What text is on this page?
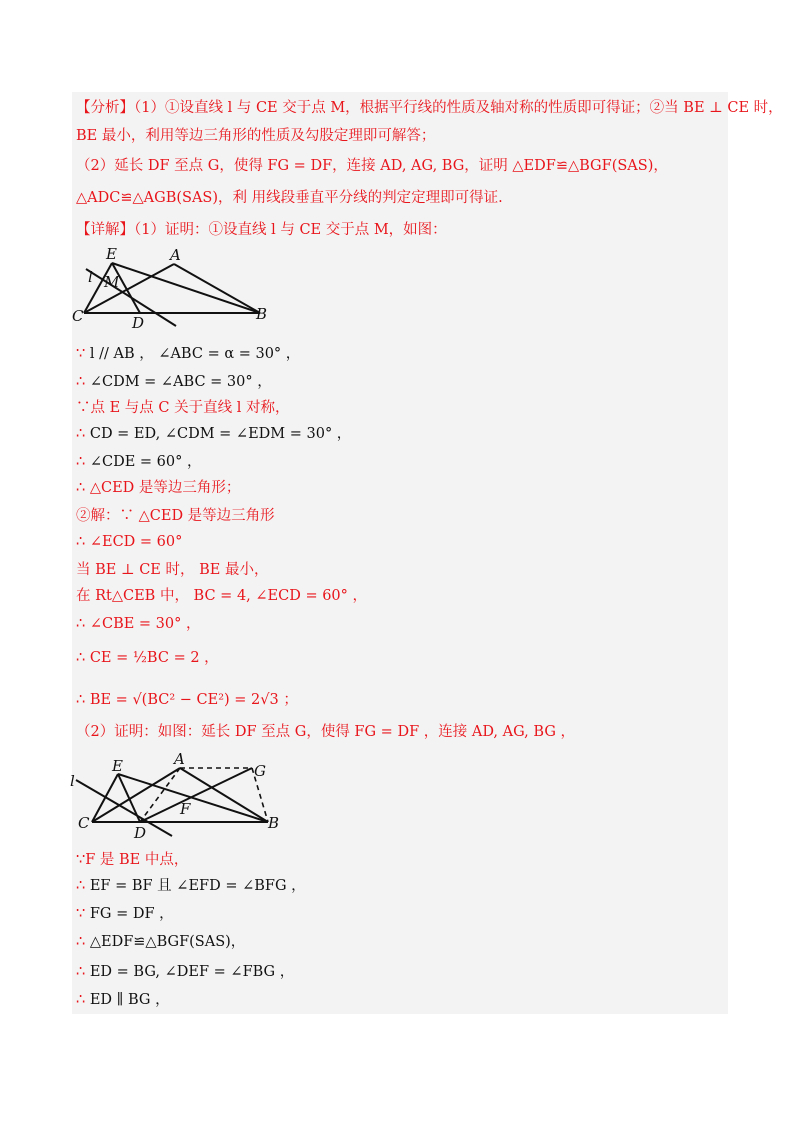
【分析】（1）①设直线 l 与 CE 交于点 M，根据平行线的性质及轴对称的性质即可得证；②当 BE ⊥ CE 时，
BE 最小，利用等边三角形的性质及勾股定理即可解答；
（2）延长 DF 至点 G，使得 FG = DF，连接 AD, AG, BG，证明 △EDF≌△BGF(SAS)，
△ADC≌△AGB(SAS)，利 用线段垂直平分线的判定定理即可得证.
【详解】（1）证明：①设直线 l 与 CE 交于点 M，如图：
E	A
l M
C	D	B
∵ l // AB ， ∠ABC = α = 30° ，
∴ ∠CDM = ∠ABC = 30° ，
∵点 E 与点 C 关于直线 l 对称，
∴ CD = ED, ∠CDM = ∠EDM = 30° ，
∴ ∠CDE = 60° ，
∴ △CED 是等边三角形；
②解：∵ △CED 是等边三角形
∴ ∠ECD = 60°
当 BE ⊥ CE 时， BE 最小，
在 Rt△CEB 中， BC = 4, ∠ECD = 60° ，
∴ ∠CBE = 30° ，
∴ CE = ½BC = 2 ，
∴ BE = √(BC² − CE²) = 2√3 ；
（2）证明：如图：延长 DF 至点 G，使得 FG = DF ，连接 AD, AG, BG ，
l
E	A
G
F
C
D
B
∵F 是 BE 中点，
∴ EF = BF 且 ∠EFD = ∠BFG ，
∵ FG = DF ，
∴ △EDF≌△BGF(SAS)，
∴ ED = BG, ∠DEF = ∠FBG ，
∴ ED ∥ BG ，
